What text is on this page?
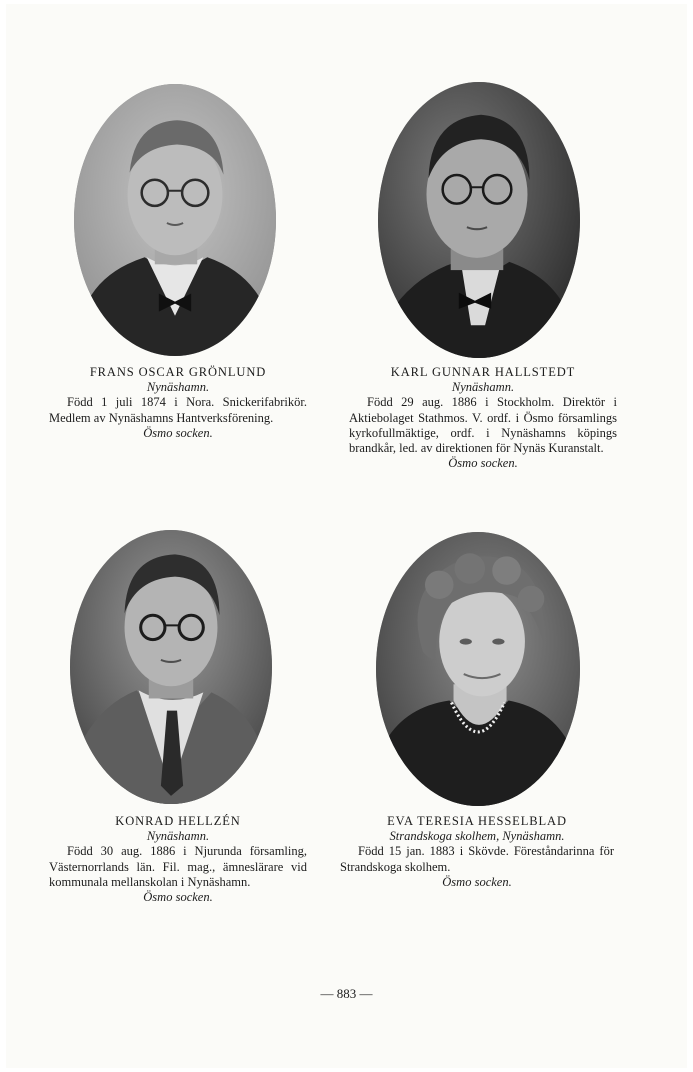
FRANS OSCAR GRÖNLUND
Nynäshamn.
Född 1 juli 1874 i Nora. Snickerifabrikör. Medlem av Nynäshamns Hantverksförening.
Ösmo socken.
KARL GUNNAR HALLSTEDT
Nynäshamn.
Född 29 aug. 1886 i Stockholm. Direktör i Aktiebolaget Stathmos. V. ordf. i Ösmo församlings kyrkofullmäktige, ordf. i Nynäshamns köpings brandkår, led. av direktionen för Nynäs Kuranstalt.
Ösmo socken.
KONRAD HELLZÉN
Nynäshamn.
Född 30 aug. 1886 i Njurunda församling, Västernorrlands län. Fil. mag., ämneslärare vid kommunala mellanskolan i Nynäshamn.
Ösmo socken.
EVA TERESIA HESSELBLAD
Strandskoga skolhem, Nynäshamn.
Född 15 jan. 1883 i Skövde. Föreståndarinna för Strandskoga skolhem.
Ösmo socken.
— 883 —
